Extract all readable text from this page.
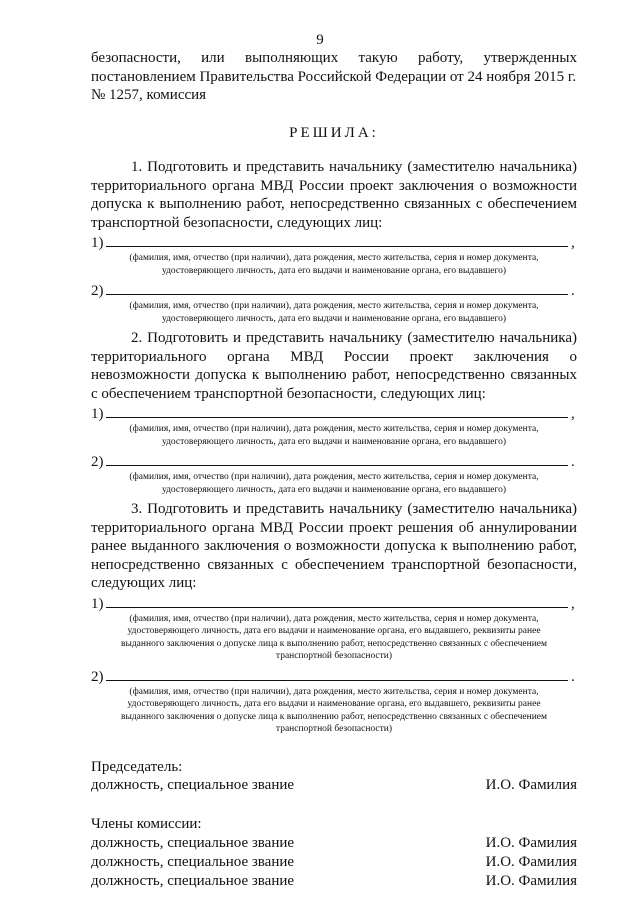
9
безопасности, или выполняющих такую работу, утвержденных
постановлением Правительства Российской Федерации от 24 ноября 2015 г.
№ 1257, комиссия
РЕШИЛА:
1. Подготовить и представить начальнику (заместителю начальника) территориального органа МВД России проект заключения о возможности допуска к выполнению работ, непосредственно связанных с обеспечением транспортной безопасности, следующих лиц:
1)	,
(фамилия, имя, отчество (при наличии), дата рождения, место жительства, серия и номер документа,
удостоверяющего личность, дата его выдачи и наименование органа, его выдавшего)
2)	.
(фамилия, имя, отчество (при наличии), дата рождения, место жительства, серия и номер документа,
удостоверяющего личность, дата его выдачи и наименование органа, его выдавшего)
2. Подготовить и представить начальнику (заместителю начальника) территориального органа МВД России проект заключения о невозможности допуска к выполнению работ, непосредственно связанных с обеспечением транспортной безопасности, следующих лиц:
1)	,
(фамилия, имя, отчество (при наличии), дата рождения, место жительства, серия и номер документа,
удостоверяющего личность, дата его выдачи и наименование органа, его выдавшего)
2)	.
(фамилия, имя, отчество (при наличии), дата рождения, место жительства, серия и номер документа,
удостоверяющего личность, дата его выдачи и наименование органа, его выдавшего)
3. Подготовить и представить начальнику (заместителю начальника) территориального органа МВД России проект решения об аннулировании ранее выданного заключения о возможности допуска к выполнению работ, непосредственно связанных с обеспечением транспортной безопасности, следующих лиц:
1)	,
(фамилия, имя, отчество (при наличии), дата рождения, место жительства, серия и номер документа,
удостоверяющего личность, дата его выдачи и наименование органа, его выдавшего, реквизиты ранее
выданного заключения о допуске лица к выполнению работ, непосредственно связанных с обеспечением
транспортной безопасности)
2)	.
(фамилия, имя, отчество (при наличии), дата рождения, место жительства, серия и номер документа,
удостоверяющего личность, дата его выдачи и наименование органа, его выдавшего, реквизиты ранее
выданного заключения о допуске лица к выполнению работ, непосредственно связанных с обеспечением
транспортной безопасности)
Председатель:
должность, специальное звание	И.О. Фамилия
Члены комиссии:
должность, специальное звание	И.О. Фамилия
должность, специальное звание	И.О. Фамилия
должность, специальное звание	И.О. Фамилия
